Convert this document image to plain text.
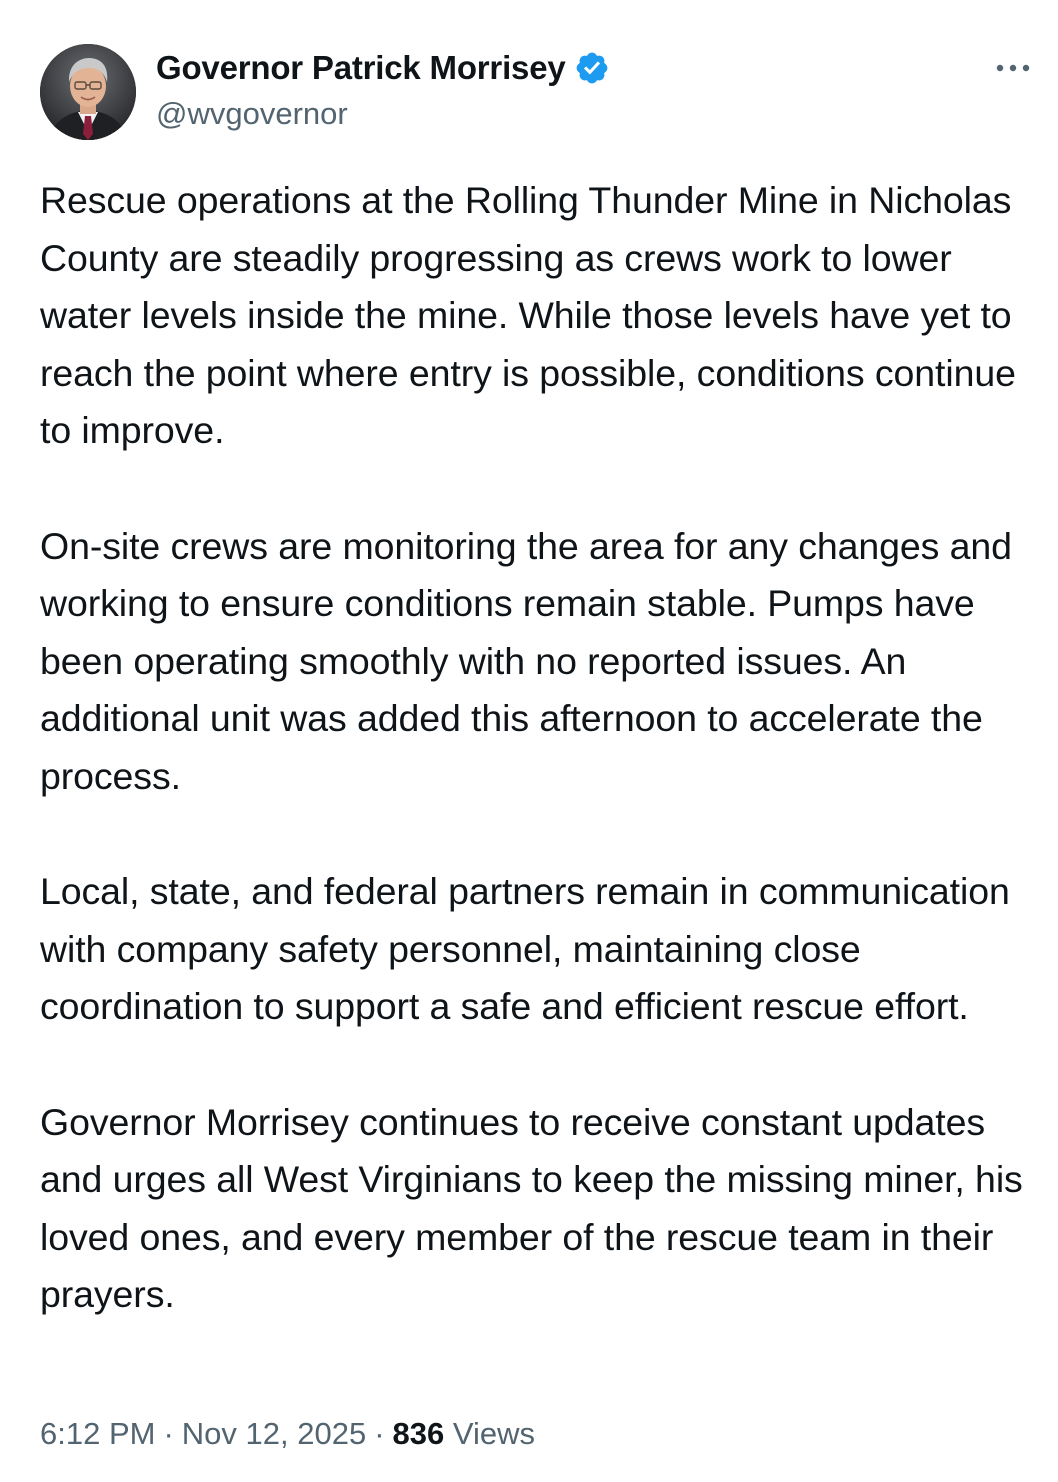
Governor Patrick Morrisey
@wvgovernor

Rescue operations at the Rolling Thunder Mine in Nicholas County are steadily progressing as crews work to lower water levels inside the mine. While those levels have yet to reach the point where entry is possible, conditions continue to improve.

On-site crews are monitoring the area for any changes and working to ensure conditions remain stable. Pumps have been operating smoothly with no reported issues. An additional unit was added this afternoon to accelerate the process.

Local, state, and federal partners remain in communication with company safety personnel, maintaining close coordination to support a safe and efficient rescue effort.

Governor Morrisey continues to receive constant updates and urges all West Virginians to keep the missing miner, his loved ones, and every member of the rescue team in their prayers.

6:12 PM · Nov 12, 2025 · 836 Views
